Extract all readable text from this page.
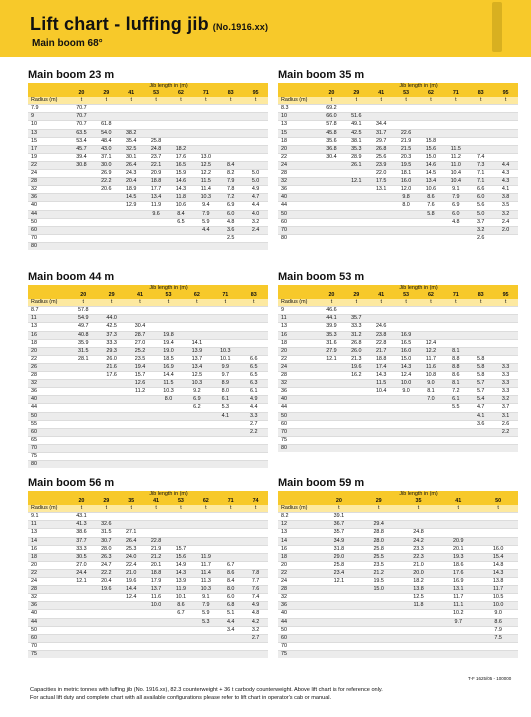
Lift chart - luffing jib (No.1916.xx)
Main boom 68°
Main boom 23 m
	Jib length in (m)							
	20	29	41	53	62	71	83	95
Radius (m)	t	t	t	t	t	t	t	t
7.9	70.7							
9	70.7							
10	70.7	61.8						
13	63.5	54.0	38.2					
15	53.4	48.4	35.4	25.8				
17	45.7	43.0	32.5	24.8	18.2			
19	39.4	37.1	30.1	23.7	17.6	13.0		
22	30.8	30.0	26.4	22.1	16.5	12.5	8.4	
24		26.9	24.3	20.9	15.9	12.2	8.2	5.0
28		22.2	20.4	18.8	14.6	11.5	7.9	5.0
32		20.6	18.9	17.7	14.3	11.4	7.8	4.9
36			14.5	13.4	11.8	10.3	7.2	4.7
40			12.9	11.9	10.6	9.4	6.9	4.4
44				9.6	8.4	7.9	6.0	4.0
50					6.5	5.9	4.8	3.2
60						4.4	3.6	2.4
70							2.5	
80								
Main boom 35 m
	Jib length in (m)							
	20	29	41	53	62	71	83	95
Radius (m)	t	t	t	t	t	t	t	t
8.3	69.2							
10	66.0	51.6						
13	57.8	49.1	34.4					
15	45.8	42.5	31.7	22.6				
18	35.6	38.1	29.7	21.9	15.8			
20	36.8	35.3	26.8	21.5	15.6	11.5		
22	30.4	28.9	25.6	20.3	15.0	11.2	7.4	
24		26.1	23.9	19.5	14.6	11.0	7.3	4.4
28			22.0	18.1	14.5	10.4	7.1	4.3
32		12.1	17.5	16.0	13.4	10.4	7.1	4.3
36			13.1	12.0	10.6	9.1	6.6	4.1
40				9.8	8.6	7.9	6.0	3.8
44				8.0	7.6	6.9	5.6	3.5
50					5.8	6.0	5.0	3.2
60						4.8	3.7	2.4
70							3.2	2.0
80							2.6	
Main boom 44 m
	Jib length in (m)						
	20	29	41	53	62	71	83
Radius (m)	t	t	t	t	t	t	t
8.7	57.8						
11	54.9	44.0					
13	49.7	42.5	30.4				
16	40.8	37.3	28.7	19.8			
18	35.9	33.3	27.0	19.4	14.1		
20	31.5	29.3	25.2	19.0	13.9	10.3	
22	28.1	26.0	23.5	18.5	13.7	10.1	6.6
26		21.6	19.4	16.9	13.4	9.9	6.5
28		17.6	15.7	14.4	12.5	9.7	6.5
32			12.6	11.5	10.3	8.9	6.3
36			11.2	10.3	9.2	8.0	6.1
40				8.0	6.9	6.1	4.9
44					6.2	5.3	4.4
50						4.1	3.3
55							2.7
60							2.2
65							
70							
75							
80							
Main boom 53 m
	Jib length in (m)							
	20	29	41	53	62	71	83	95
Radius (m)	t	t	t	t	t	t	t	t
9	46.6							
11	44.1	35.7						
13	39.9	33.3	24.6					
16	35.3	31.2	23.8	16.9				
18	31.6	26.8	22.8	16.5	12.4			
20	27.9	26.0	21.7	16.0	12.2	8.1		
22	12.1	21.3	18.8	15.0	11.7	8.8	5.8	
24		19.6	17.4	14.3	11.6	8.8	5.8	3.3
28		16.2	14.3	12.4	10.8	8.6	5.8	3.3
32			11.5	10.0	9.0	8.1	5.7	3.3
36			10.4	9.0	8.1	7.2	5.7	3.3
40					7.0	6.1	5.4	3.2
44						5.5	4.7	3.7
50							4.1	3.1
60							3.6	2.6
70								2.2
75								
80								
Main boom 56 m
	Jib length in (m)							
	20	29	35	41	53	62	71	74
Radius (m)	t	t	t	t	t	t	t	t
9.1	43.1							
11	41.3	32.6						
13	38.6	31.5	27.1					
14	37.7	30.7	26.4	22.8				
16	33.3	28.0	25.3	21.9	15.7			
18	30.5	26.3	24.0	21.2	15.6	11.9		
20	27.0	24.7	22.4	20.1	14.9	11.7	6.7	
22	24.4	22.2	21.0	18.8	14.3	11.4	8.6	7.8
24	12.1	20.4	19.6	17.9	13.9	11.3	8.4	7.7
28		19.6	14.4	13.7	11.9	10.3	8.0	7.6
32			12.4	11.6	10.1	9.1	6.0	7.4
36				10.0	8.6	7.9	6.8	4.9
40					6.7	5.9	5.1	4.8
44						5.3	4.4	4.2
50							3.4	3.2
60								2.7
70								
75								
Main boom 59 m
	Jib length in (m)				
	20	29	35	41	50
Radius (m)	t	t	t	t	t
8.2	39.1				
12	36.7	29.4			
13	35.7	28.8	24.8		
14	34.9	28.0	24.2	20.9	
16	31.8	25.8	23.3	20.1	16.0
18	29.0	25.5	22.3	19.3	15.4
20	25.8	23.5	21.0	18.6	14.8
22	23.4	21.2	20.0	17.6	14.3
24	12.1	19.5	18.2	16.9	13.8
28		15.0	13.8	13.1	11.7
32			12.5	11.7	10.5
36			11.8	11.1	10.0
40				10.2	9.0
44				9.7	8.6
50					7.9
60					7.5
70					
75					
T-F 1625/05 - 100000
Capacities in metric tonnes with luffing jib (No. 1916.xx), 82.3 counterweight + 36 t carbody counterweight. Above lift chart is for reference only.
For actual lift duty and complete chart with all available configurations please refer to lift chart in operator's cab or manual.
